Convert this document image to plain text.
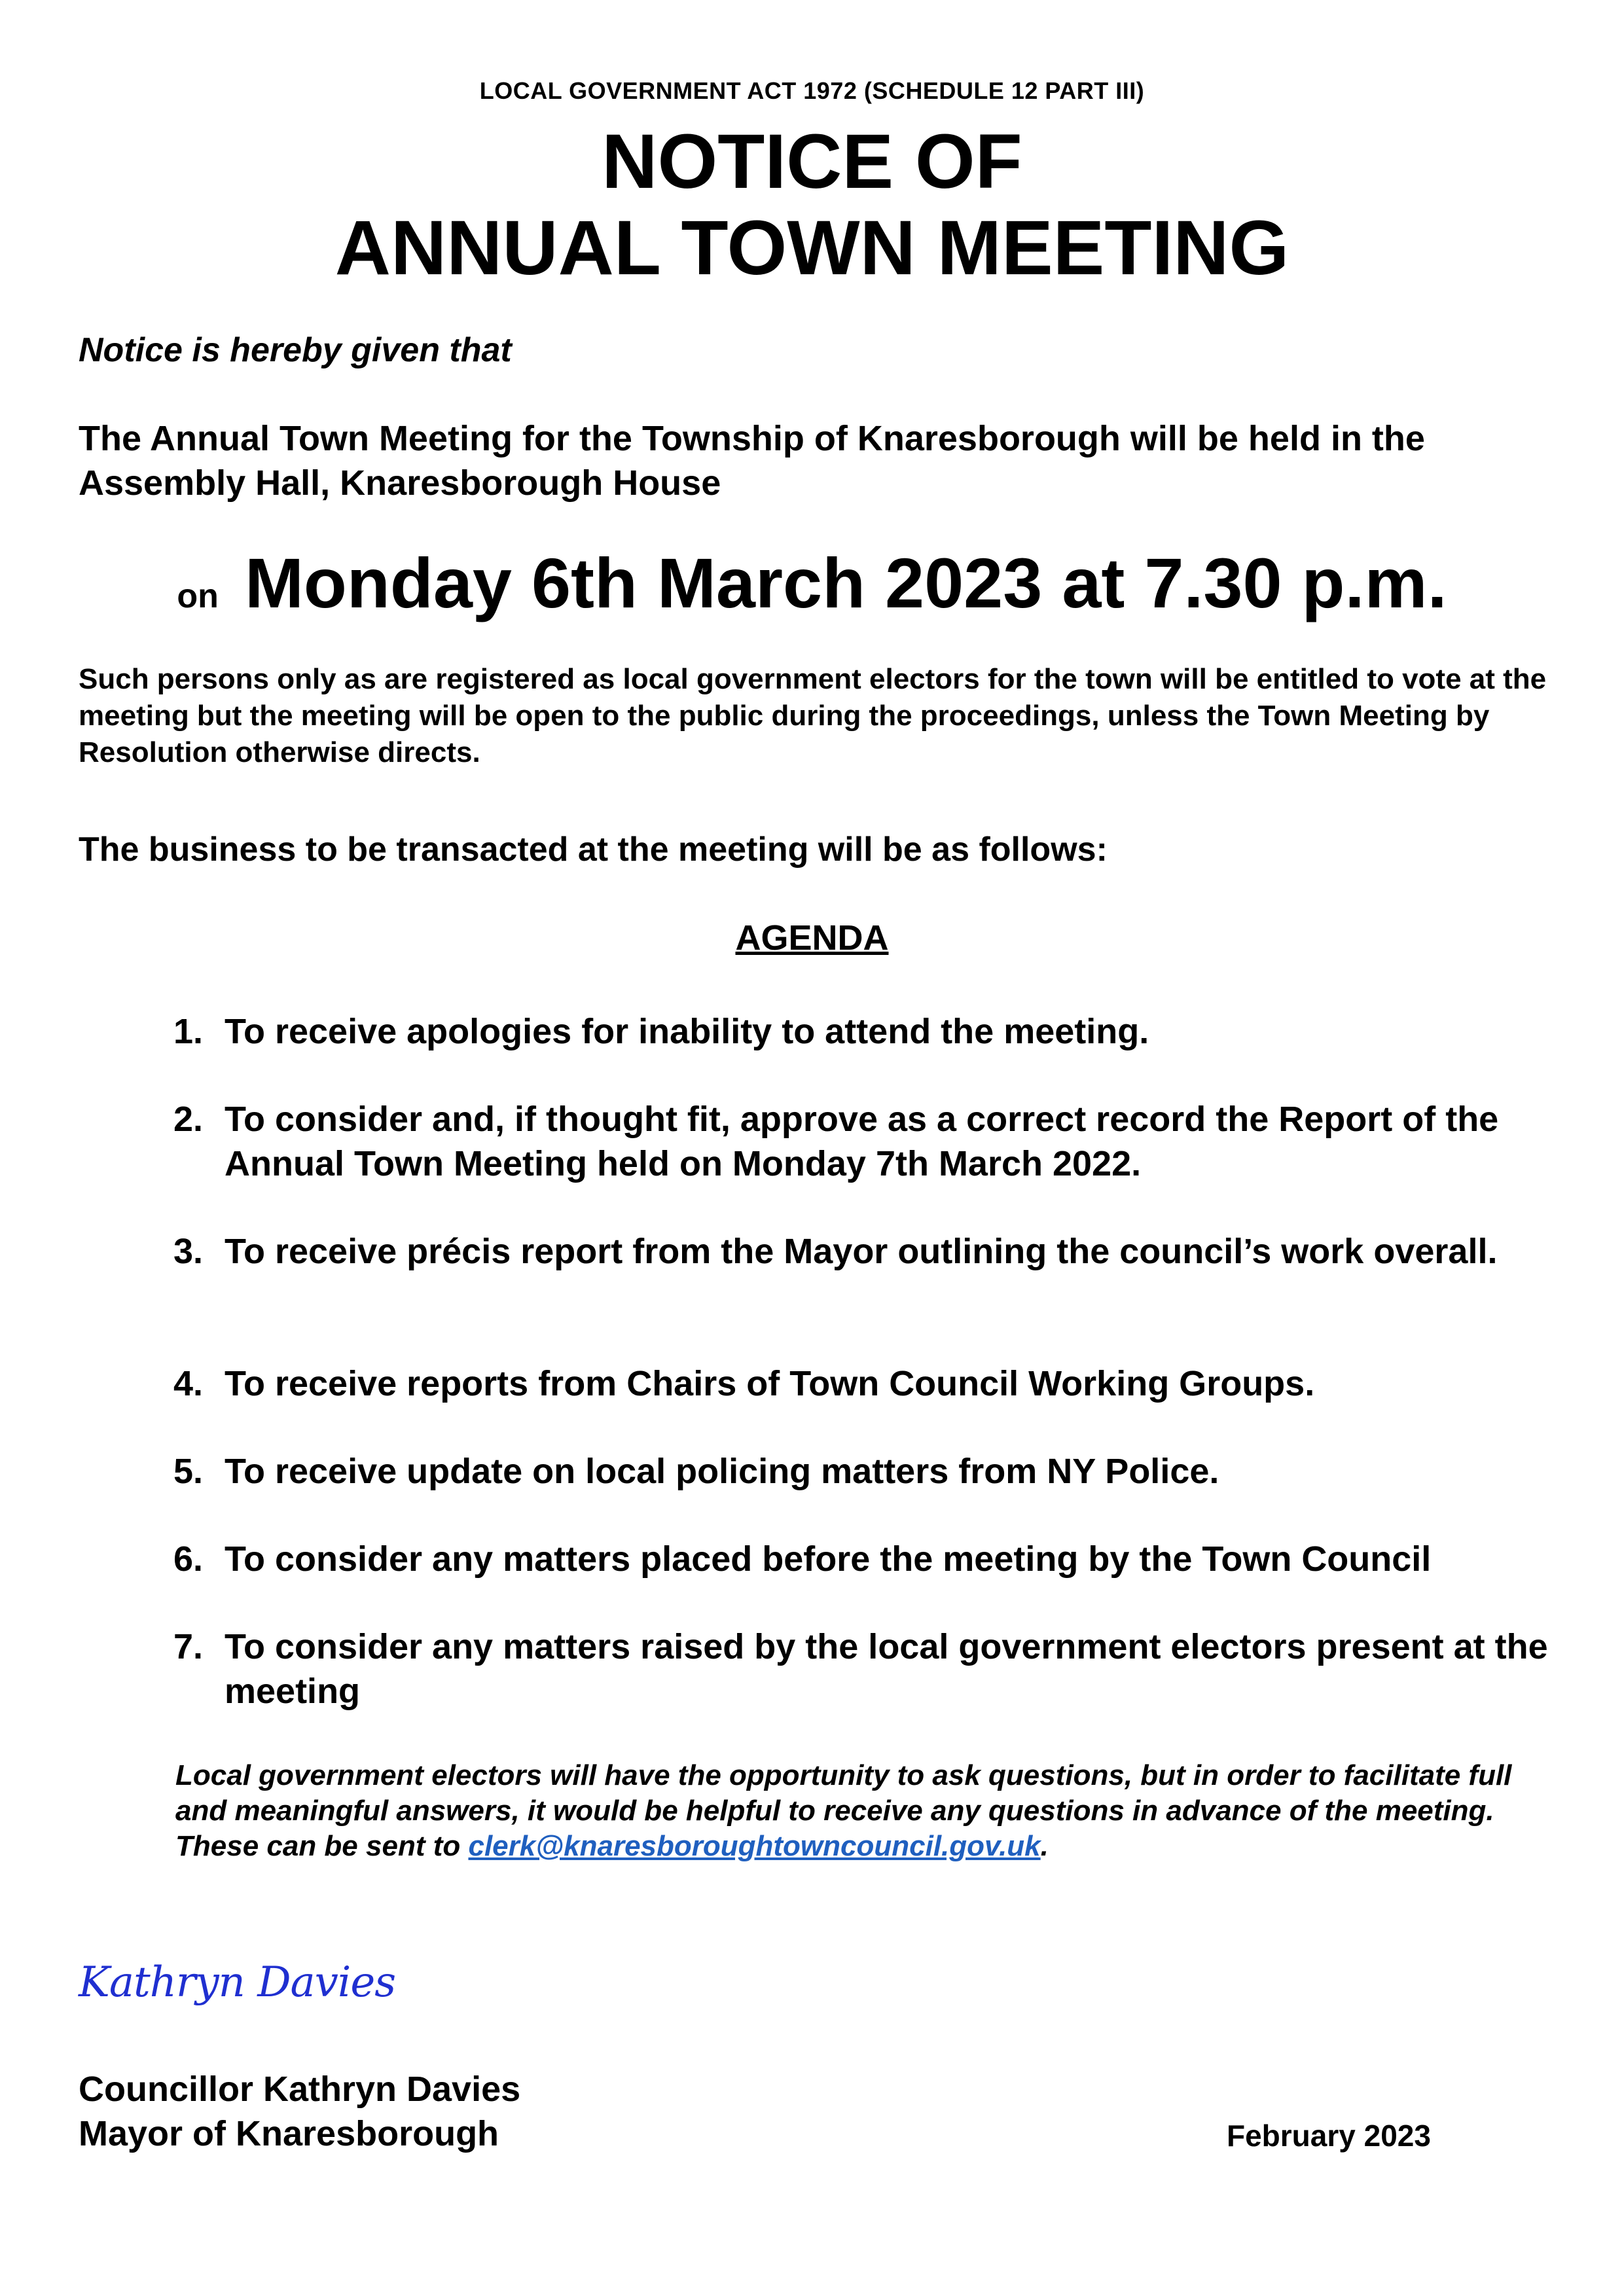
LOCAL GOVERNMENT ACT 1972 (SCHEDULE 12 PART III)

NOTICE OF
ANNUAL TOWN MEETING

Notice is hereby given that

The Annual Town Meeting for the Township of Knaresborough will be held in the Assembly Hall, Knaresborough House

on Monday 6th March 2023 at 7.30 p.m.

Such persons only as are registered as local government electors for the town will be entitled to vote at the meeting but the meeting will be open to the public during the proceedings, unless the Town Meeting by Resolution otherwise directs.

The business to be transacted at the meeting will be as follows:

AGENDA

1. To receive apologies for inability to attend the meeting.
2. To consider and, if thought fit, approve as a correct record the Report of the Annual Town Meeting held on Monday 7th March 2022.
3. To receive précis report from the Mayor outlining the council’s work overall.
4. To receive reports from Chairs of Town Council Working Groups.
5. To receive update on local policing matters from NY Police.
6. To consider any matters placed before the meeting by the Town Council
7. To consider any matters raised by the local government electors present at the meeting

Local government electors will have the opportunity to ask questions, but in order to facilitate full and meaningful answers, it would be helpful to receive any questions in advance of the meeting. These can be sent to clerk@knaresboroughtowncouncil.gov.uk.

Kathryn Davies

Councillor Kathryn Davies
Mayor of Knaresborough	February 2023
